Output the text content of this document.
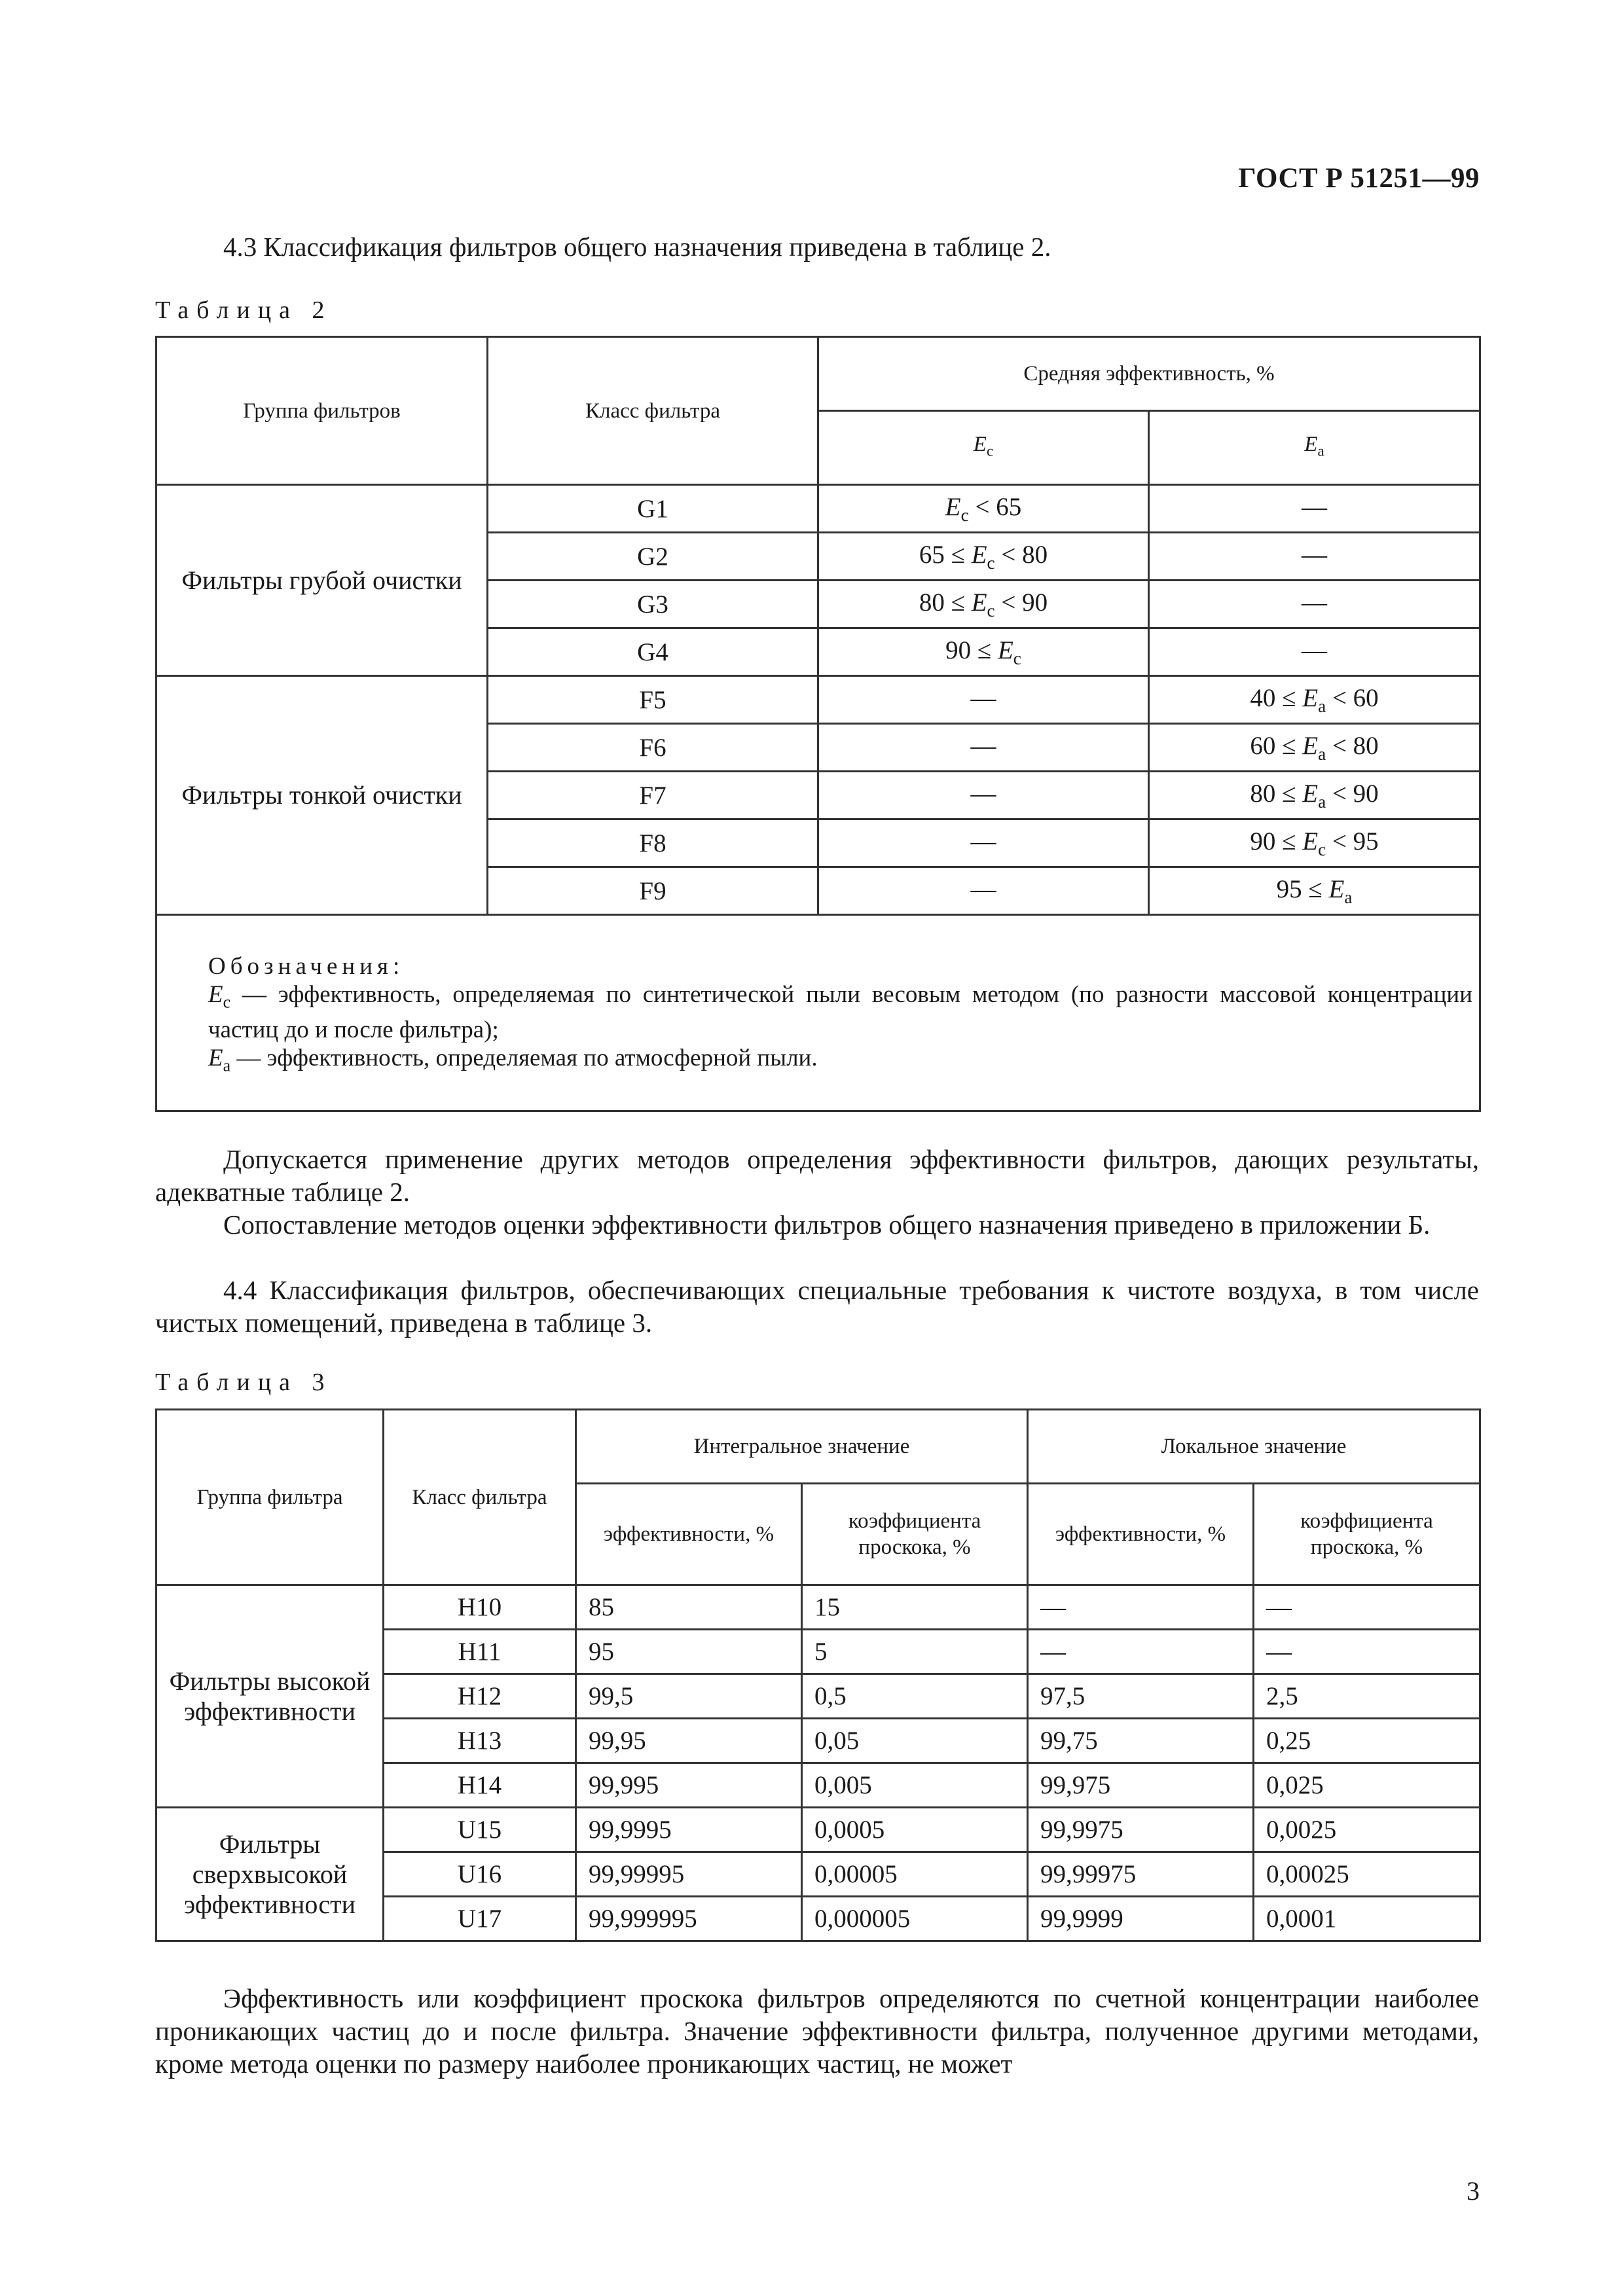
ГОСТ Р 51251—99
4.3 Классификация фильтров общего назначения приведена в таблице 2.
Таблица 2
Группа фильтров	Класс фильтра	Средняя эффективность, %	
		$E_c$	$E_a$
Фильтры грубой очистки	G1	$E_c < 65$	—
	G2	$65 \le E_c < 80$	—
	G3	$80 \le E_c < 90$	—
	G4	$90 \le E_c$	—
Фильтры тонкой очистки	F5	—	$40 \le E_a < 60$
	F6	—	$60 \le E_a < 80$
	F7	—	$80 \le E_a < 90$
	F8	—	$90 \le E_c < 95$
	F9	—	$95 \le E_a$

Обозначения:
$E_c$ — эффективность, определяемая по синтетической пыли весовым методом (по разности массовой концентрации частиц до и после фильтра);
$E_a$ — эффективность, определяемая по атмосферной пыли.			
Допускается применение других методов определения эффективности фильтров, дающих результаты, адекватные таблице 2.
Сопоставление методов оценки эффективности фильтров общего назначения приведено в приложении Б.
4.4 Классификация фильтров, обеспечивающих специальные требования к чистоте воздуха, в том числе чистых помещений, приведена в таблице 3.
Таблица 3
Группа фильтра	Класс фильтра	Интегральное значение		Локальное значение	
		эффективности, %	коэффициента проскока, %	эффективности, %	коэффициента проскока, %
Фильтры высокой эффективности	H10	85	15	—	—
	H11	95	5	—	—
	H12	99,5	0,5	97,5	2,5
	H13	99,95	0,05	99,75	0,25
	H14	99,995	0,005	99,975	0,025
Фильтры сверхвысокой эффективности	U15	99,9995	0,0005	99,9975	0,0025
	U16	99,99995	0,00005	99,99975	0,00025
	U17	99,999995	0,000005	99,9999	0,0001
Эффективность или коэффициент проскока фильтров определяются по счетной концентрации наиболее проникающих частиц до и после фильтра. Значение эффективности фильтра, полученное другими методами, кроме метода оценки по размеру наиболее проникающих частиц, не может
3
